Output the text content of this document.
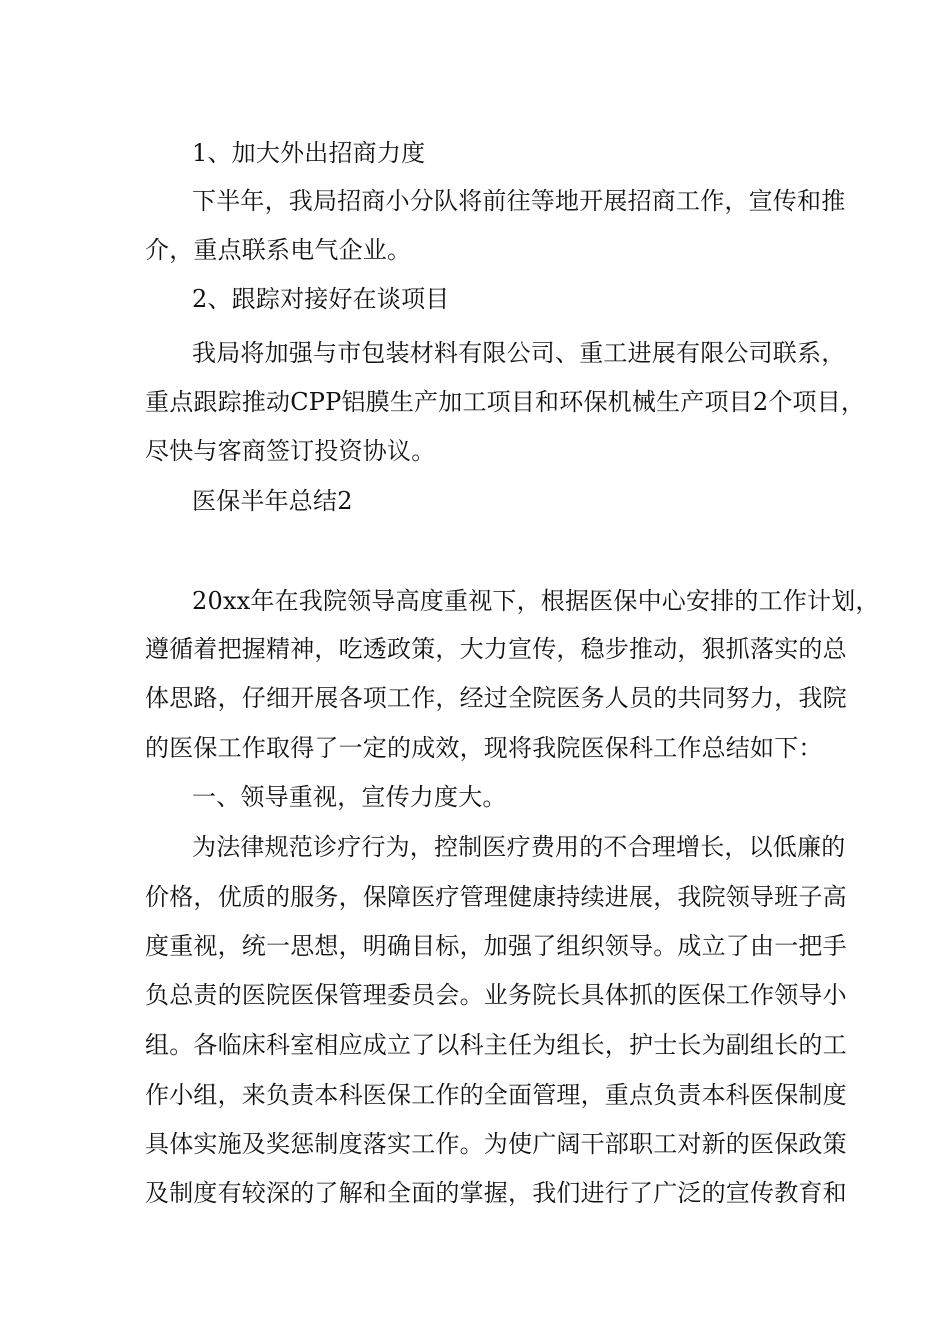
1、加大外出招商力度
下半年，我局招商小分队将前往等地开展招商工作，宣传和推
介，重点联系电气企业。
2、跟踪对接好在谈项目
我局将加强与市包装材料有限公司、重工进展有限公司联系，
重点跟踪推动CPP铝膜生产加工项目和环保机械生产项目2个项目，
尽快与客商签订投资协议。
医保半年总结2
20xx年在我院领导高度重视下，根据医保中心安排的工作计划，
遵循着把握精神，吃透政策，大力宣传，稳步推动，狠抓落实的总
体思路，仔细开展各项工作，经过全院医务人员的共同努力，我院
的医保工作取得了一定的成效，现将我院医保科工作总结如下：
一、领导重视，宣传力度大。
为法律规范诊疗行为，控制医疗费用的不合理增长，以低廉的
价格，优质的服务，保障医疗管理健康持续进展，我院领导班子高
度重视，统一思想，明确目标，加强了组织领导。成立了由一把手
负总责的医院医保管理委员会。业务院长具体抓的医保工作领导小
组。各临床科室相应成立了以科主任为组长，护士长为副组长的工
作小组，来负责本科医保工作的全面管理，重点负责本科医保制度
具体实施及奖惩制度落实工作。为使广阔干部职工对新的医保政策
及制度有较深的了解和全面的掌握，我们进行了广泛的宣传教育和
